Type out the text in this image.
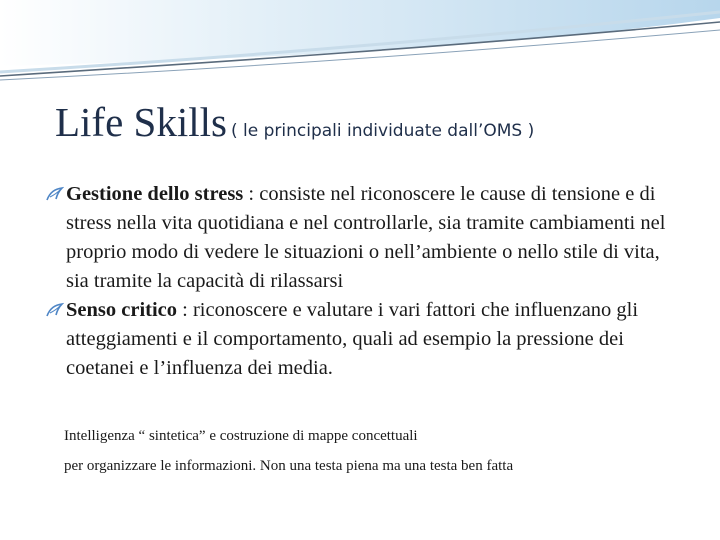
Life Skills ( le principali individuate dall’OMS )
Gestione dello stress : consiste nel riconoscere le cause di tensione e di stress nella vita quotidiana e nel controllarle, sia tramite cambiamenti nel proprio modo di vedere le situazioni o nell’ambiente o nello stile di vita, sia tramite la capacità di rilassarsi
Senso critico : riconoscere e valutare i vari fattori che influenzano gli atteggiamenti e il comportamento, quali ad esempio la pressione dei coetanei e l’influenza dei media.
Intelligenza “ sintetica” e costruzione di mappe concettuali
per organizzare le informazioni. Non una testa piena ma una testa ben fatta
